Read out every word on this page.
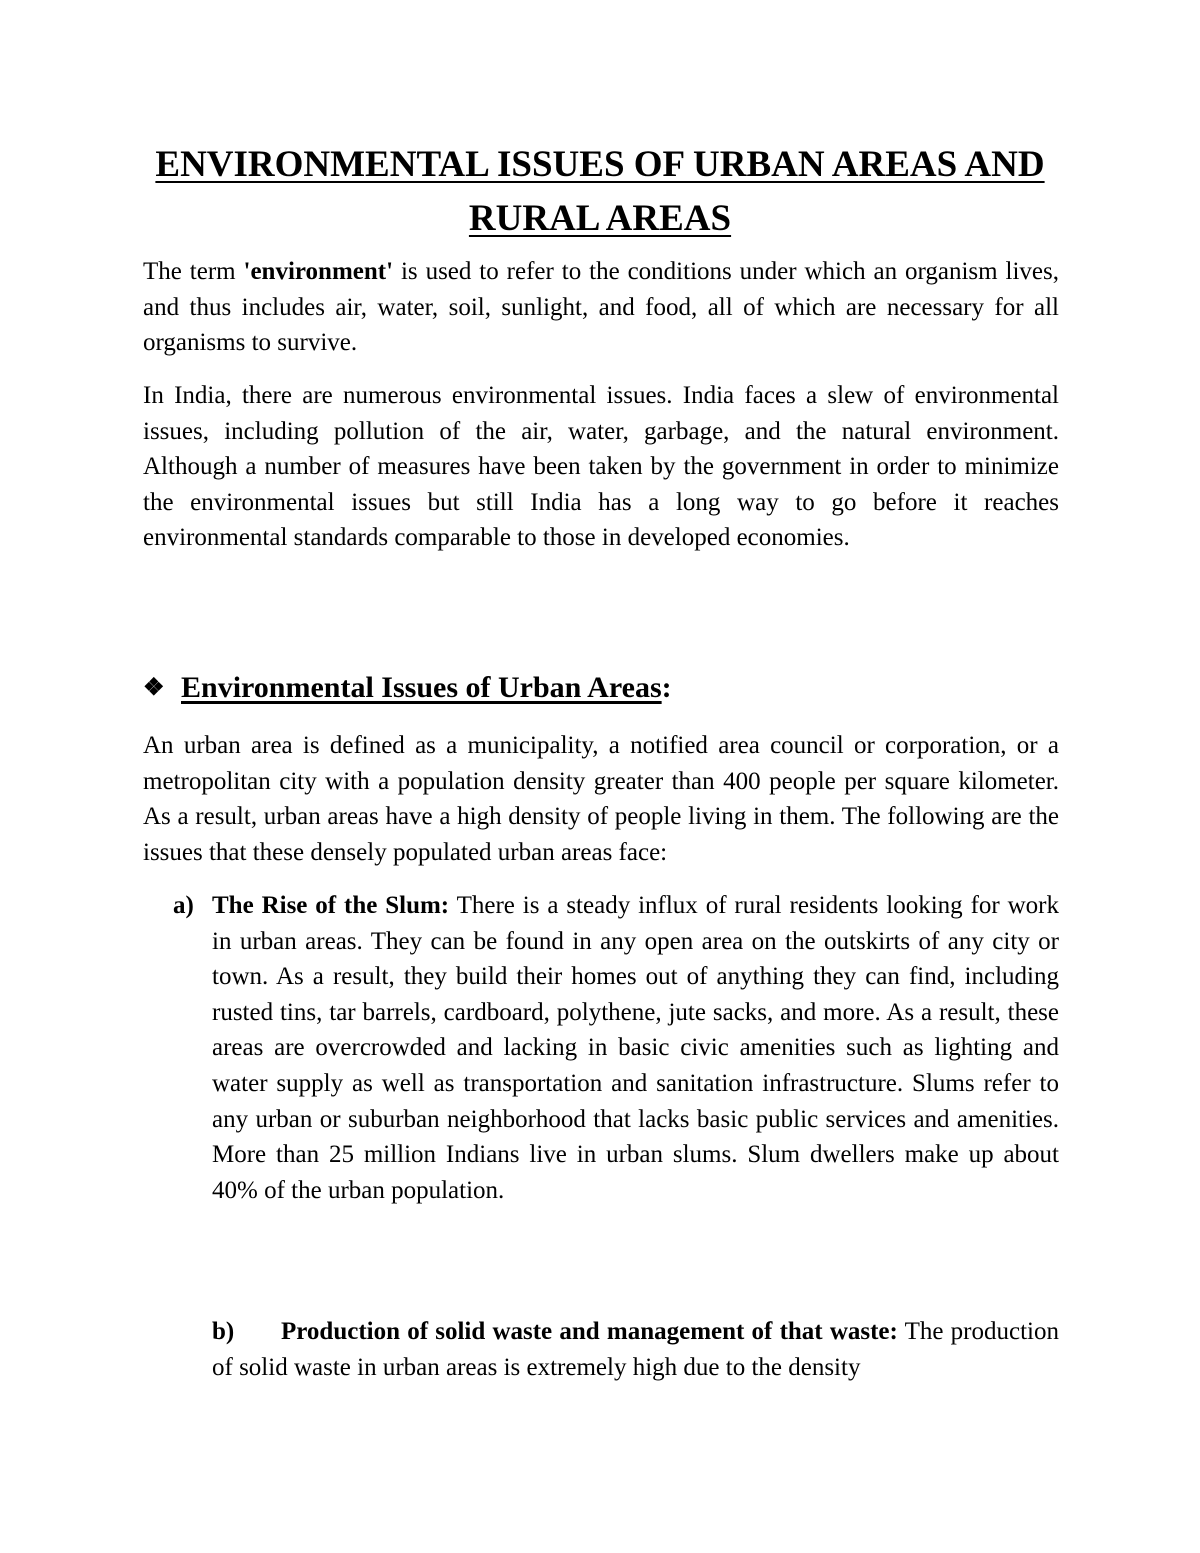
ENVIRONMENTAL ISSUES OF URBAN AREAS AND
RURAL AREAS

The term 'environment' is used to refer to the conditions under which an organism lives, and thus includes air, water, soil, sunlight, and food, all of which are necessary for all organisms to survive.

In India, there are numerous environmental issues. India faces a slew of environmental issues, including pollution of the air, water, garbage, and the natural environment. Although a number of measures have been taken by the government in order to minimize the environmental issues but still India has a long way to go before it reaches environmental standards comparable to those in developed economies.

❖ Environmental Issues of Urban Areas:

An urban area is defined as a municipality, a notified area council or corporation, or a metropolitan city with a population density greater than 400 people per square kilometer. As a result, urban areas have a high density of people living in them. The following are the issues that these densely populated urban areas face:

a) The Rise of the Slum: There is a steady influx of rural residents looking for work in urban areas. They can be found in any open area on the outskirts of any city or town. As a result, they build their homes out of anything they can find, including rusted tins, tar barrels, cardboard, polythene, jute sacks, and more. As a result, these areas are overcrowded and lacking in basic civic amenities such as lighting and water supply as well as transportation and sanitation infrastructure. Slums refer to any urban or suburban neighborhood that lacks basic public services and amenities. More than 25 million Indians live in urban slums. Slum dwellers make up about 40% of the urban population.
b)	Production of solid waste and management of that waste: The production of solid waste in urban areas is extremely high due to the density
